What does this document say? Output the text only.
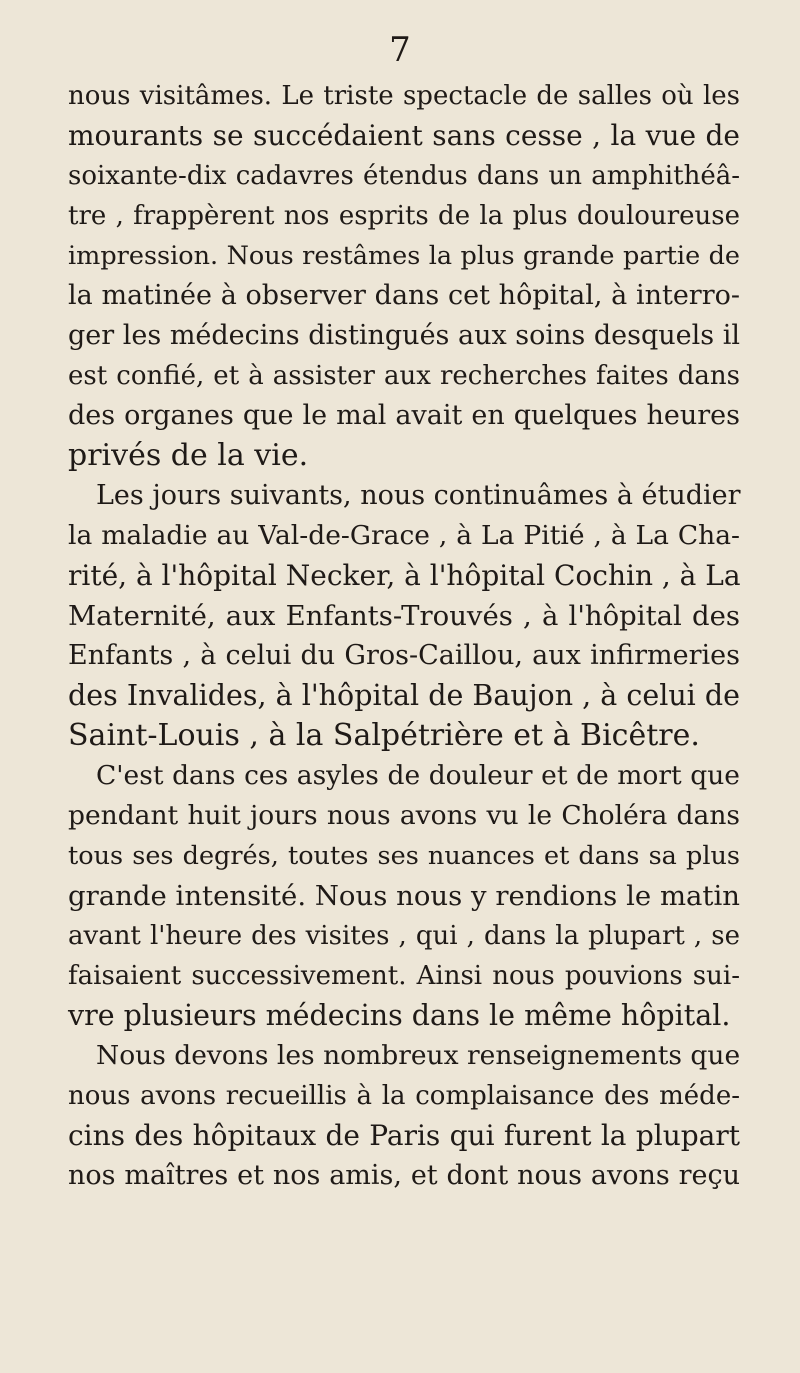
7
nous visitâmes. Le triste spectacle de salles où les
mourants se succédaient sans cesse , la vue de
soixante-dix cadavres étendus dans un amphithéâ-
tre , frappèrent nos esprits de la plus douloureuse
impression. Nous restâmes la plus grande partie de
la matinée à observer dans cet hôpital, à interro-
ger les médecins distingués aux soins desquels il
est confié, et à assister aux recherches faites dans
des organes que le mal avait en quelques heures
privés de la vie.
Les jours suivants, nous continuâmes à étudier
la maladie au Val-de-Grace , à La Pitié , à La Cha-
rité, à l'hôpital Necker, à l'hôpital Cochin , à La
Maternité, aux Enfants-Trouvés , à l'hôpital des
Enfants , à celui du Gros-Caillou, aux infirmeries
des Invalides, à l'hôpital de Baujon , à celui de
Saint-Louis , à la Salpétrière et à Bicêtre.
C'est dans ces asyles de douleur et de mort que
pendant huit jours nous avons vu le Choléra dans
tous ses degrés, toutes ses nuances et dans sa plus
grande intensité. Nous nous y rendions le matin
avant l'heure des visites , qui , dans la plupart , se
faisaient successivement. Ainsi nous pouvions sui-
vre plusieurs médecins dans le même hôpital.
Nous devons les nombreux renseignements que
nous avons recueillis à la complaisance des méde-
cins des hôpitaux de Paris qui furent la plupart
nos maîtres et nos amis, et dont nous avons reçu
